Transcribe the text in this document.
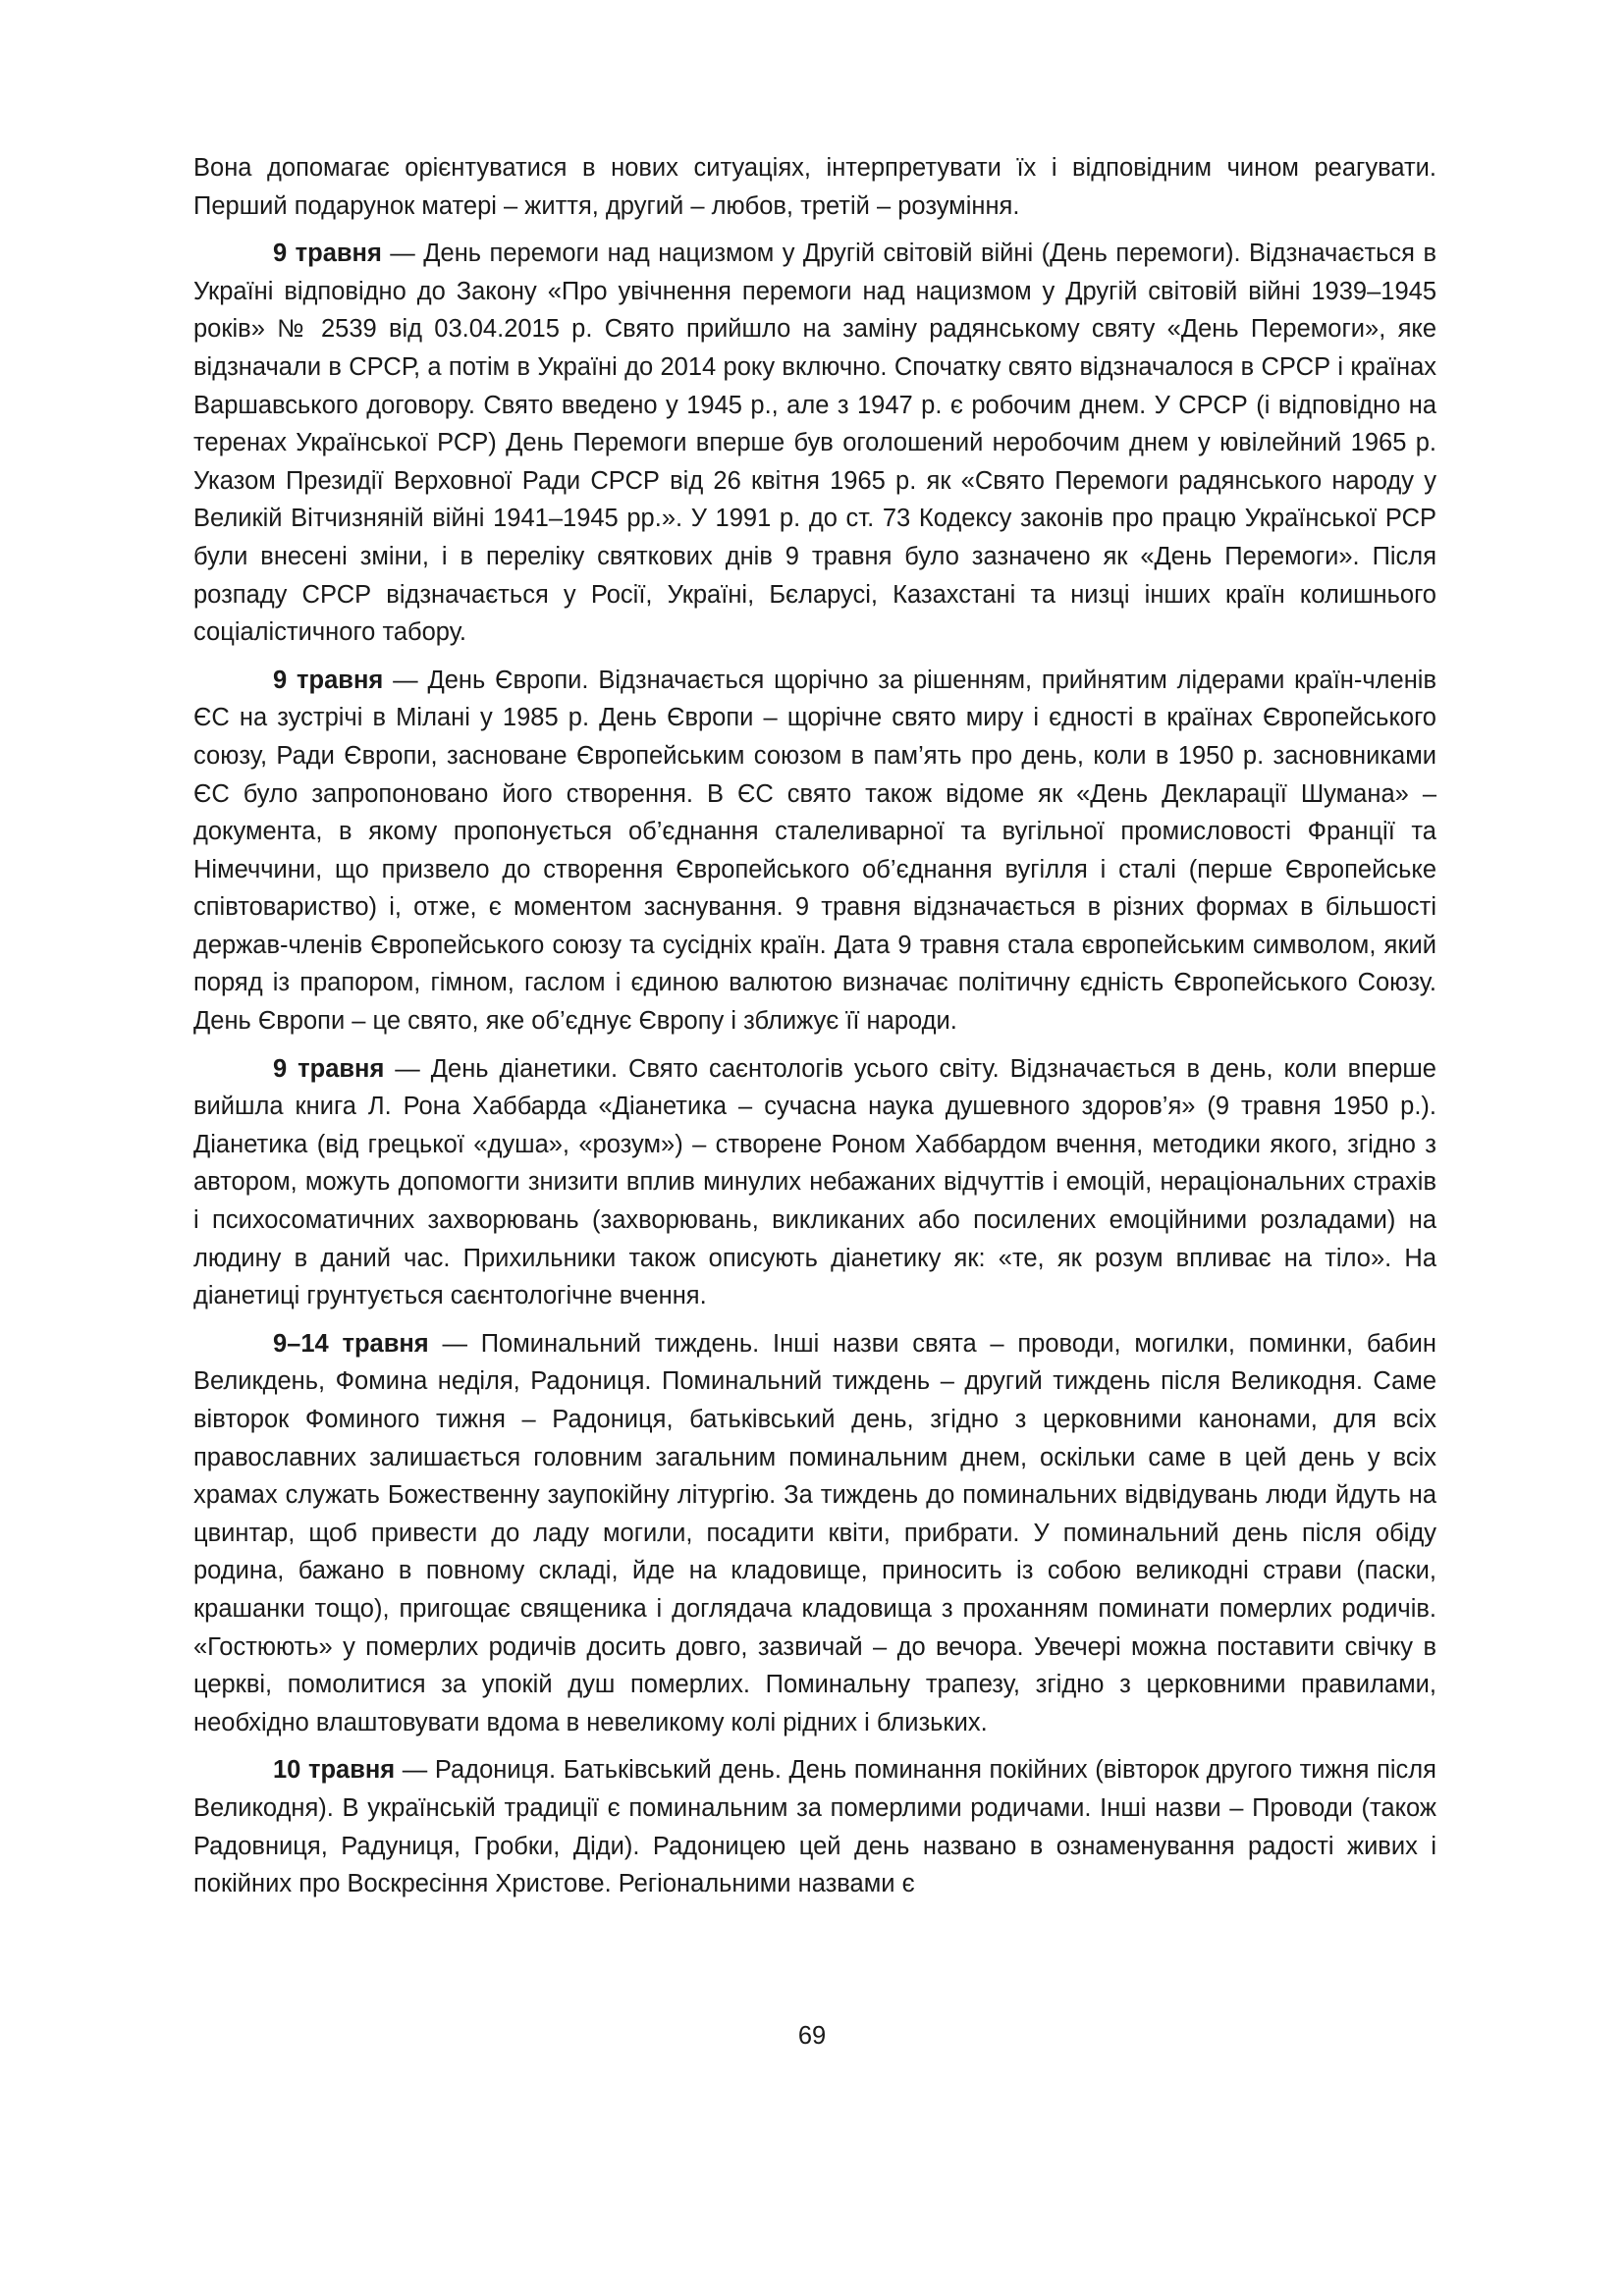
Вона допомагає орієнтуватися в нових ситуаціях, інтерпретувати їх і відповідним чином реагувати. Перший подарунок матері – життя, другий – любов, третій – розуміння.

9 травня — День перемоги над нацизмом у Другій світовій війні (День перемоги). Відзначається в Україні відповідно до Закону «Про увічнення перемоги над нацизмом у Другій світовій війні 1939–1945 років» № 2539 від 03.04.2015 р. Свято прийшло на заміну радянському святу «День Перемоги», яке відзначали в СРСР, а потім в Україні до 2014 року включно. Спочатку свято відзначалося в СРСР і країнах Варшавського договору. Свято введено у 1945 р., але з 1947 р. є робочим днем. У СРСР (і відповідно на теренах Української РСР) День Перемоги вперше був оголошений неробочим днем у ювілейний 1965 р. Указом Президії Верховної Ради СРСР від 26 квітня 1965 р. як «Свято Перемоги радянського народу у Великій Вітчизняній війні 1941–1945 рр.». У 1991 р. до ст. 73 Кодексу законів про працю Української РСР були внесені зміни, і в переліку святкових днів 9 травня було зазначено як «День Перемоги». Після розпаду СРСР відзначається у Росії, Україні, Бєларусі, Казахстані та низці інших країн колишнього соціалістичного табору.

9 травня — День Європи. Відзначається щорічно за рішенням, прийнятим лідерами країн-членів ЄС на зустрічі в Мілані у 1985 р. День Європи – щорічне свято миру і єдності в країнах Європейського союзу, Ради Європи, засноване Європейським союзом в пам’ять про день, коли в 1950 р. засновниками ЄС було запропоновано його створення. В ЄС свято також відоме як «День Декларації Шумана» – документа, в якому пропонується об’єднання сталеливарної та вугільної промисловості Франції та Німеччини, що призвело до створення Європейського об’єднання вугілля і сталі (перше Європейське співтовариство) і, отже, є моментом заснування. 9 травня відзначається в різних формах в більшості держав-членів Європейського союзу та сусідніх країн. Дата 9 травня стала європейським символом, який поряд із прапором, гімном, гаслом і єдиною валютою визначає політичну єдність Європейського Союзу. День Європи – це свято, яке об’єднує Європу і зближує її народи.

9 травня — День діанетики. Свято саєнтологів усього світу. Відзначається в день, коли вперше вийшла книга Л. Рона Хаббарда «Діанетика – сучасна наука душевного здоров’я» (9 травня 1950 р.). Діанетика (від грецької «душа», «розум») – створене Роном Хаббардом вчення, методики якого, згідно з автором, можуть допомогти знизити вплив минулих небажаних відчуттів і емоцій, нераціональних страхів і психосоматичних захворювань (захворювань, викликаних або посилених емоційними розладами) на людину в даний час. Прихильники також описують діанетику як: «те, як розум впливає на тіло». На діанетиці грунтується саєнтологічне вчення.

9–14 травня — Поминальний тиждень. Інші назви свята – проводи, могилки, поминки, бабин Великдень, Фомина неділя, Радониця. Поминальний тиждень – другий тиждень після Великодня. Саме вівторок Фоминого тижня – Радониця, батьківський день, згідно з церковними канонами, для всіх православних залишається головним загальним поминальним днем, оскільки саме в цей день у всіх храмах служать Божественну заупокійну літургію. За тиждень до поминальних відвідувань люди йдуть на цвинтар, щоб привести до ладу могили, посадити квіти, прибрати. У поминальний день після обіду родина, бажано в повному складі, йде на кладовище, приносить із собою великодні страви (паски, крашанки тощо), пригощає священика і доглядача кладовища з проханням поминати померлих родичів. «Гостюють» у померлих родичів досить довго, зазвичай – до вечора. Увечері можна поставити свічку в церкві, помолитися за упокій душ померлих. Поминальну трапезу, згідно з церковними правилами, необхідно влаштовувати вдома в невеликому колі рідних і близьких.

10 травня — Радониця. Батьківський день. День поминання покійних (вівторок другого тижня після Великодня). В українській традиції є поминальним за померлими родичами. Інші назви – Проводи (також Радовниця, Радуниця, Гробки, Діди). Радоницею цей день названо в ознаменування радості живих і покійних про Воскресіння Христове. Регіональними назвами є

69
